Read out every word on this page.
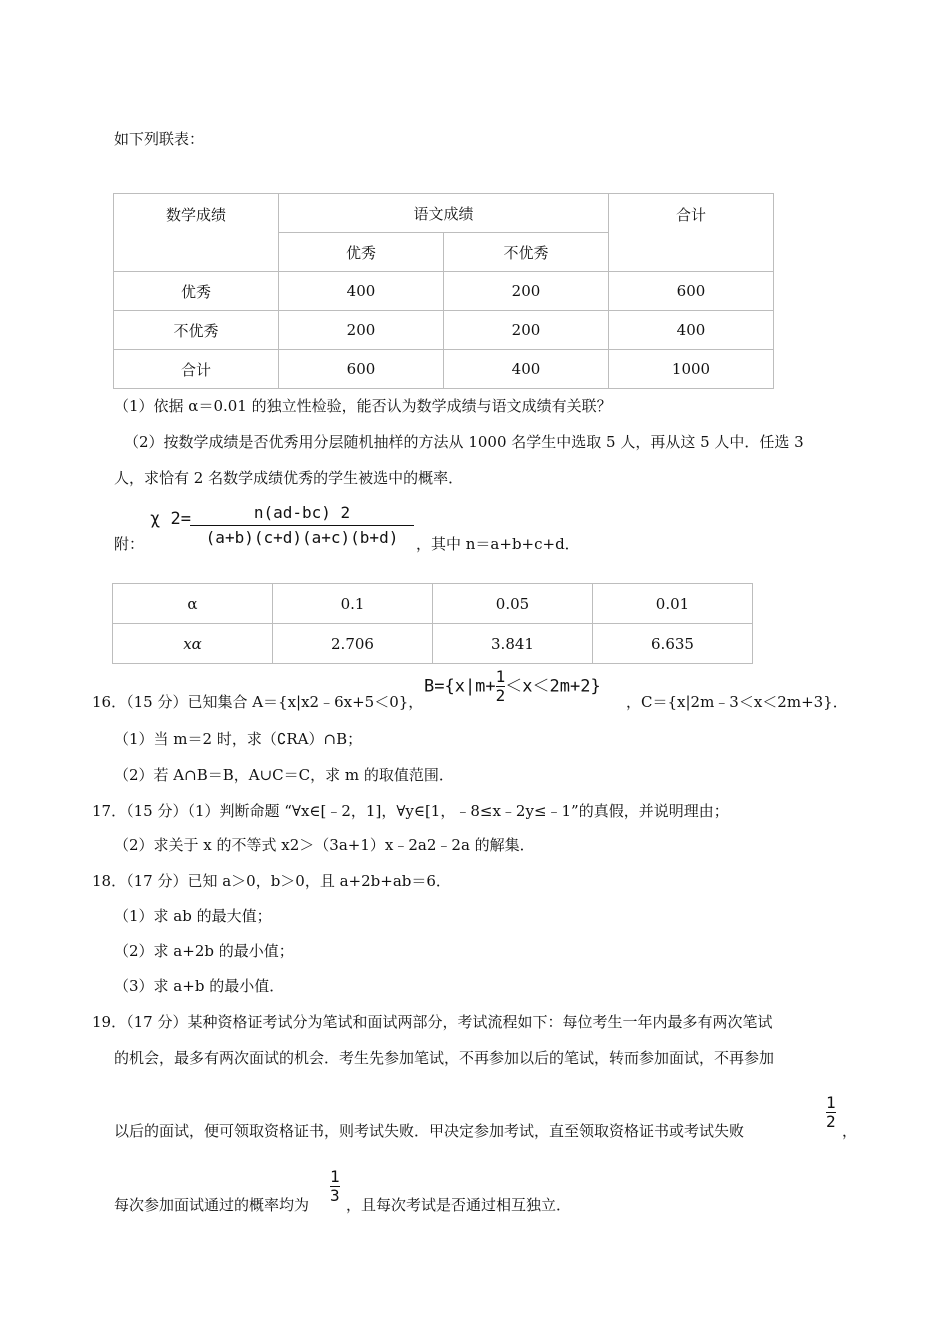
如下列联表：
数学成绩	语文成绩		合计
	优秀	不优秀	
优秀	400	200	600
不优秀	200	200	400
合计	600	400	1000
（1）依据 α＝0.01 的独立性检验，能否认为数学成绩与语文成绩有关联？
（2）按数学成绩是否优秀用分层随机抽样的方法从 1000 名学生中选取 5 人，再从这 5 人中．任选 3
人，求恰有 2 名数学成绩优秀的学生被选中的概率．
附：
χ 2=	n(ad-bc) 2
(a+b)(c+d)(a+c)(b+d)	，其中 n＝a+b+c+d．
α	0.1	0.05	0.01
xα	2.706	3.841	6.635
16．（15 分）已知集合 A＝{x|x2﹣6x+5＜0}，
$B=\{x|m+ \frac{1}{2} <x<2m+2\}$
，C＝{x|2m﹣3＜x＜2m+3}．
（1）当 m＝2 时，求（∁RA）∩B；
（2）若 A∩B＝B，A∪C＝C，求 m 的取值范围．
17．（15 分）（1）判断命题 “∀x∈[﹣2，1]，∀y∈[1，﹣8≤x﹣2y≤﹣1”的真假，并说明理由；
（2）求关于 x 的不等式 x2＞（3a+1）x﹣2a2﹣2a 的解集．
18．（17 分）已知 a＞0，b＞0，且 a+2b+ab＝6．
（1）求 ab 的最大值；
（2）求 a+2b 的最小值；
（3）求 a+b 的最小值．
19．（17 分）某种资格证考试分为笔试和面试两部分，考试流程如下：每位考生一年内最多有两次笔试
的机会，最多有两次面试的机会．考生先参加笔试，不再参加以后的笔试，转而参加面试，不再参加
以后的面试，便可领取资格证书，则考试失败．甲决定参加考试，直至领取资格证书或考试失败	$\frac{1}{2}$ ，
每次参加面试通过的概率均为 $\frac{1}{3}$ ，且每次考试是否通过相互独立．
